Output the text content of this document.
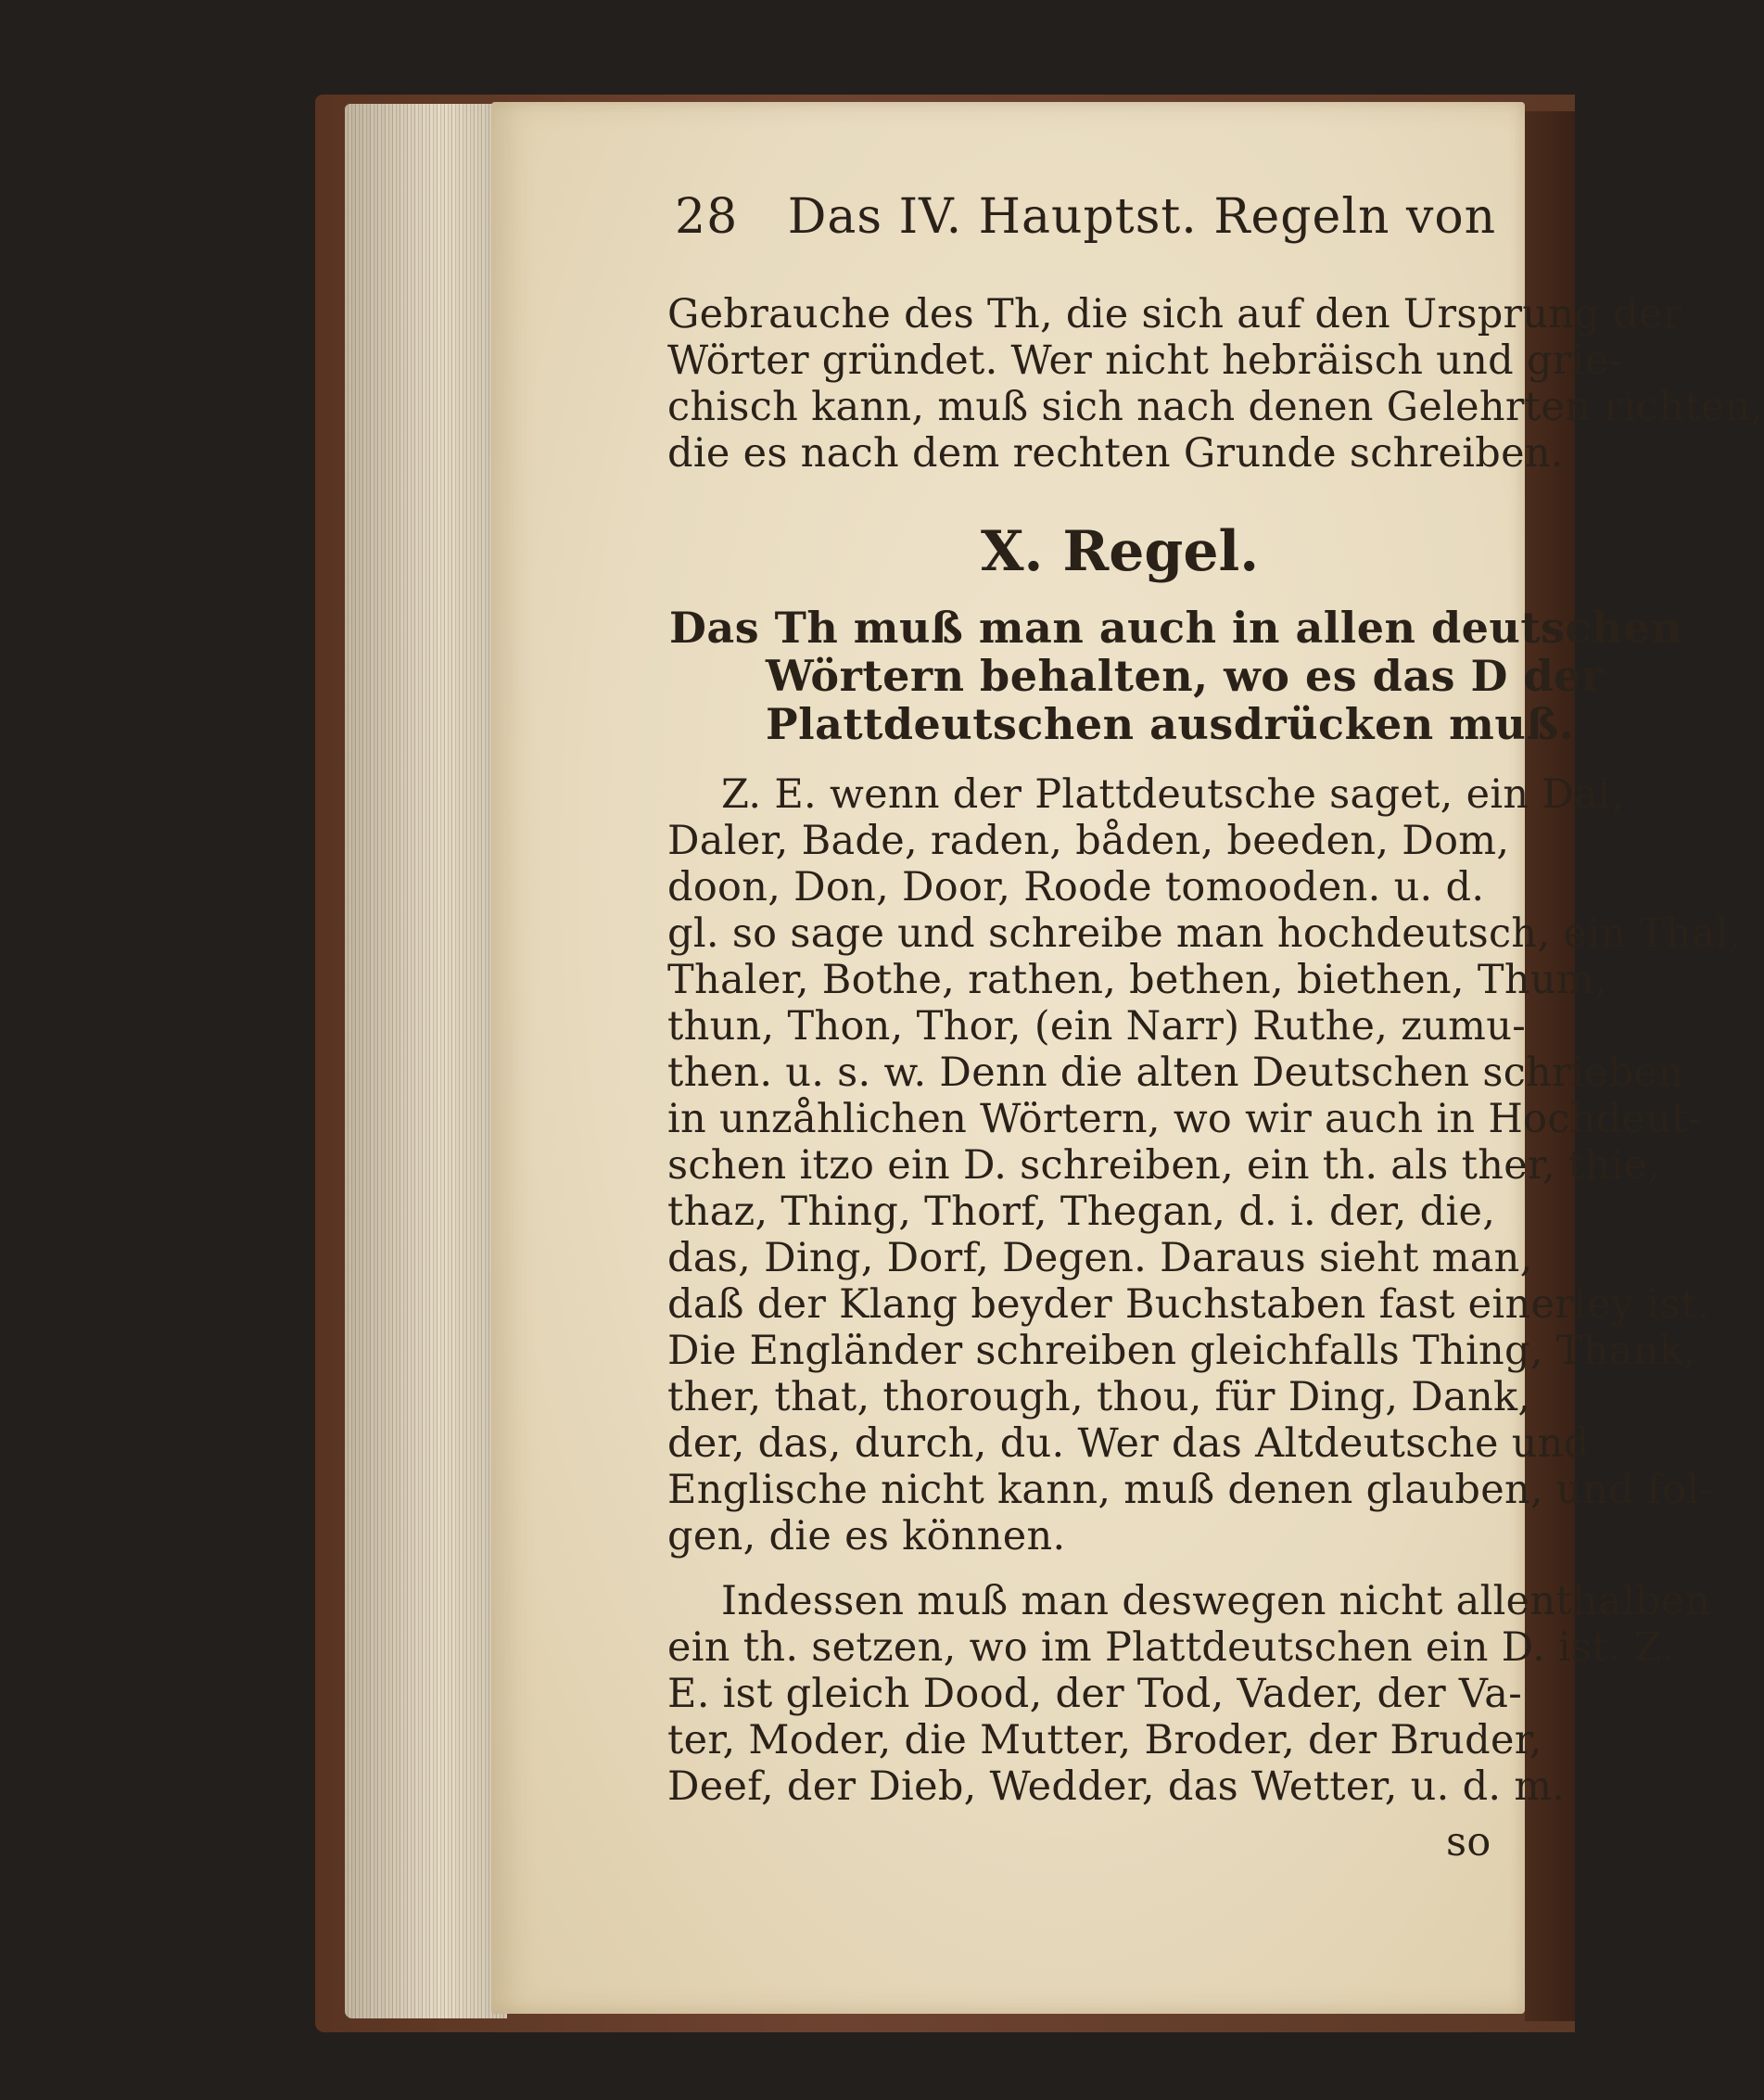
28 Das IV. Hauptst. Regeln von
Gebrauche des Th, die sich auf den Ursprung der
Wörter gründet. Wer nicht hebräisch und grie-
chisch kann, muß sich nach denen Gelehrten richten,
die es nach dem rechten Grunde schreiben.
X. Regel.
Das Th muß man auch in allen deutschen
Wörtern behalten, wo es das D der
Plattdeutschen ausdrücken muß.
Z. E. wenn der Plattdeutsche saget, ein Dal,
Daler, Bade, raden, båden, beeden, Dom,
doon, Don, Door, Roode tomooden. u. d.
gl. so sage und schreibe man hochdeutsch, ein Thal,
Thaler, Bothe, rathen, bethen, biethen, Thum,
thun, Thon, Thor, (ein Narr) Ruthe, zumu-
then. u. s. w. Denn die alten Deutschen schrieben
in unzåhlichen Wörtern, wo wir auch in Hochdeut-
schen itzo ein D. schreiben, ein th. als ther, thie,
thaz, Thing, Thorf, Thegan, d. i. der, die,
das, Ding, Dorf, Degen. Daraus sieht man,
daß der Klang beyder Buchstaben fast einerley ist.
Die Engländer schreiben gleichfalls Thing, Thank,
ther, that, thorough, thou, für Ding, Dank,
der, das, durch, du. Wer das Altdeutsche und
Englische nicht kann, muß denen glauben, und fol-
gen, die es können.
Indessen muß man deswegen nicht allenthalben
ein th. setzen, wo im Plattdeutschen ein D. ist. Z.
E. ist gleich Dood, der Tod, Vader, der Va-
ter, Moder, die Mutter, Broder, der Bruder,
Deef, der Dieb, Wedder, das Wetter, u. d. m.
so
